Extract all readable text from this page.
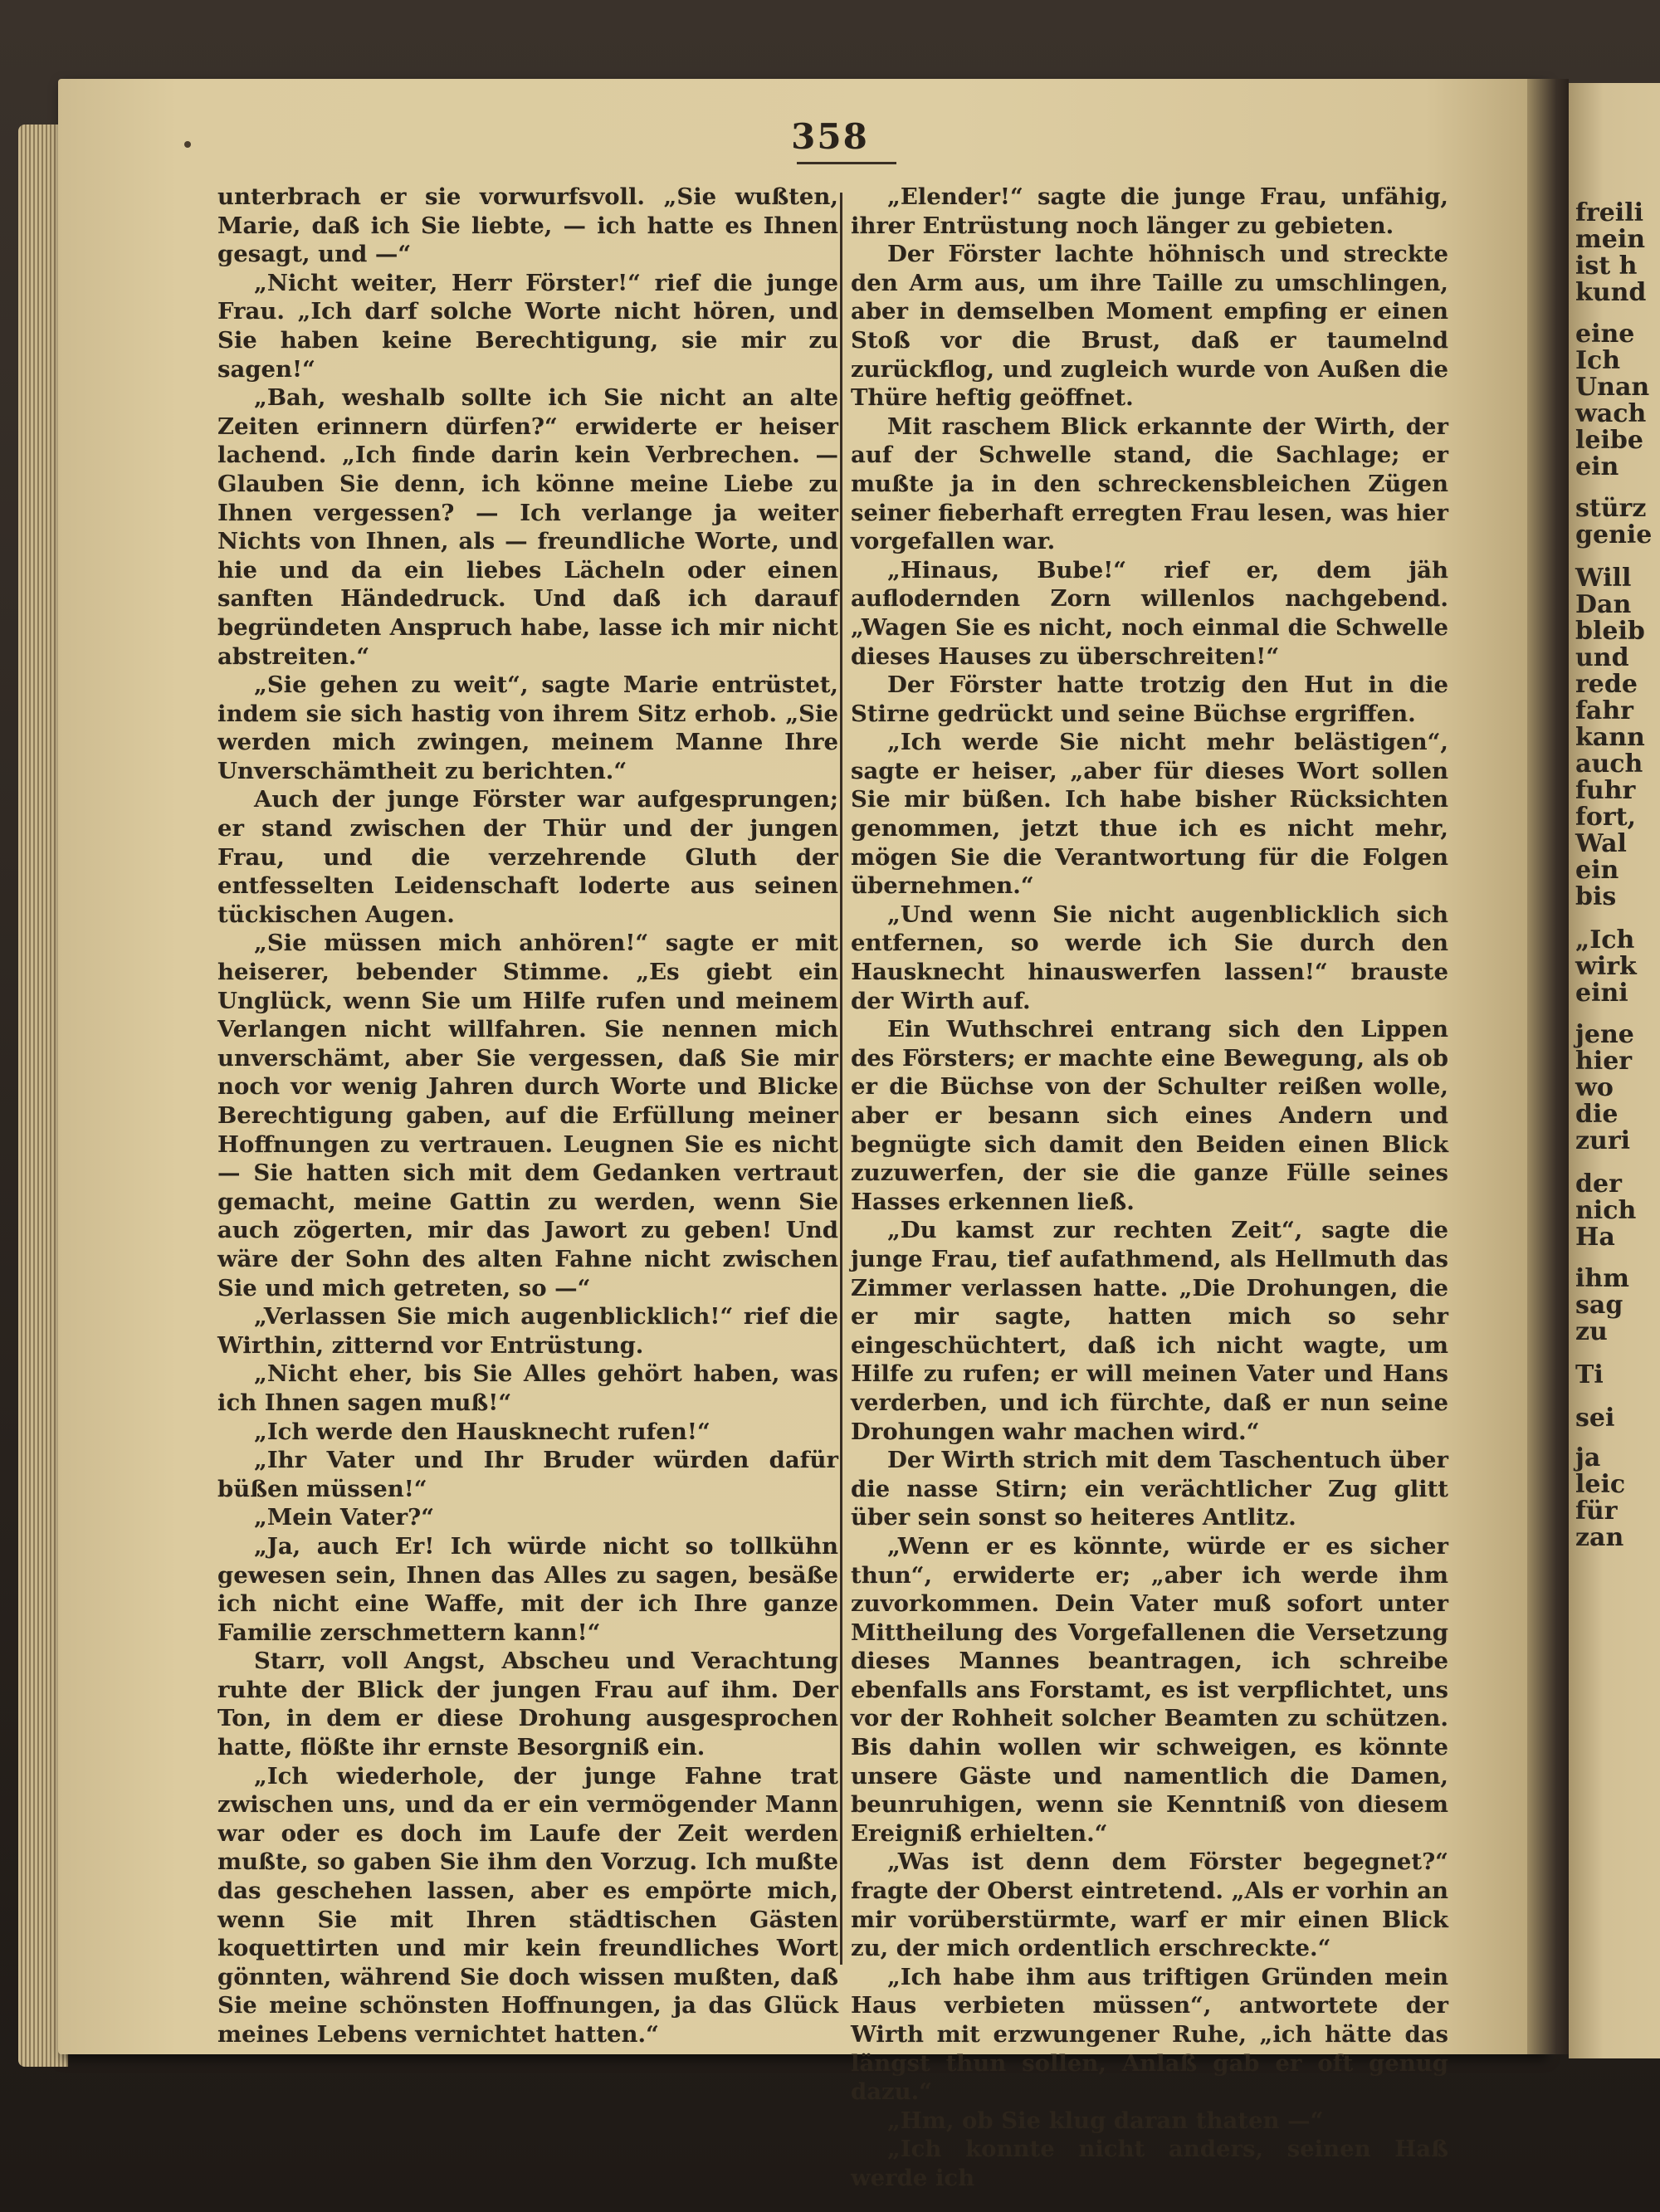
freili
mein
ist h
kund
eine
Ich
Unan
wach
leibe
ein
stürz
genie
Will
Dan
bleib
und
rede
fahr
kann
auch
fuhr
fort,
Wal
ein
bis
„Ich
wirk
eini
jene
hier
wo
die
zuri
der
nich
Ha
ihm
sag
zu
Ti
sei
ja
leic
für
zan
358

unterbrach er sie vorwurfsvoll. „Sie wußten, Marie, daß ich Sie liebte, — ich hatte es Ihnen gesagt, und —“

„Nicht weiter, Herr Förster!“ rief die junge Frau. „Ich darf solche Worte nicht hören, und Sie haben keine Berechtigung, sie mir zu sagen!“

„Bah, weshalb sollte ich Sie nicht an alte Zeiten erinnern dürfen?“ erwiderte er heiser lachend. „Ich finde darin kein Verbrechen. — Glauben Sie denn, ich könne meine Liebe zu Ihnen vergessen? — Ich verlange ja weiter Nichts von Ihnen, als — freundliche Worte, und hie und da ein liebes Lächeln oder einen sanften Händedruck. Und daß ich darauf begründeten Anspruch habe, lasse ich mir nicht abstreiten.“

„Sie gehen zu weit“, sagte Marie entrüstet, indem sie sich hastig von ihrem Sitz erhob. „Sie werden mich zwingen, meinem Manne Ihre Unverschämtheit zu berichten.“

Auch der junge Förster war aufgesprungen; er stand zwischen der Thür und der jungen Frau, und die verzehrende Gluth der entfesselten Leidenschaft loderte aus seinen tückischen Augen.

„Sie müssen mich anhören!“ sagte er mit heiserer, bebender Stimme. „Es giebt ein Unglück, wenn Sie um Hilfe rufen und meinem Verlangen nicht willfahren. Sie nennen mich unverschämt, aber Sie vergessen, daß Sie mir noch vor wenig Jahren durch Worte und Blicke Berechtigung gaben, auf die Erfüllung meiner Hoffnungen zu vertrauen. Leugnen Sie es nicht — Sie hatten sich mit dem Gedanken vertraut gemacht, meine Gattin zu werden, wenn Sie auch zögerten, mir das Jawort zu geben! Und wäre der Sohn des alten Fahne nicht zwischen Sie und mich getreten, so —“

„Verlassen Sie mich augenblicklich!“ rief die Wirthin, zitternd vor Entrüstung.

„Nicht eher, bis Sie Alles gehört haben, was ich Ihnen sagen muß!“

„Ich werde den Hausknecht rufen!“

„Ihr Vater und Ihr Bruder würden dafür büßen müssen!“

„Mein Vater?“

„Ja, auch Er! Ich würde nicht so tollkühn gewesen sein, Ihnen das Alles zu sagen, besäße ich nicht eine Waffe, mit der ich Ihre ganze Familie zerschmettern kann!“

Starr, voll Angst, Abscheu und Verachtung ruhte der Blick der jungen Frau auf ihm. Der Ton, in dem er diese Drohung ausgesprochen hatte, flößte ihr ernste Besorgniß ein.

„Ich wiederhole, der junge Fahne trat zwischen uns, und da er ein vermögender Mann war oder es doch im Laufe der Zeit werden mußte, so gaben Sie ihm den Vorzug. Ich mußte das geschehen lassen, aber es empörte mich, wenn Sie mit Ihren städtischen Gästen koquettirten und mir kein freundliches Wort gönnten, während Sie doch wissen mußten, daß Sie meine schönsten Hoffnungen, ja das Glück meines Lebens vernichtet hatten.“

„Elender!“ sagte die junge Frau, unfähig, ihrer Entrüstung noch länger zu gebieten.

Der Förster lachte höhnisch und streckte den Arm aus, um ihre Taille zu umschlingen, aber in demselben Moment empfing er einen Stoß vor die Brust, daß er taumelnd zurückflog, und zugleich wurde von Außen die Thüre heftig geöffnet.

Mit raschem Blick erkannte der Wirth, der auf der Schwelle stand, die Sachlage; er mußte ja in den schreckensbleichen Zügen seiner fieberhaft erregten Frau lesen, was hier vorgefallen war.

„Hinaus, Bube!“ rief er, dem jäh auflodernden Zorn willenlos nachgebend. „Wagen Sie es nicht, noch einmal die Schwelle dieses Hauses zu überschreiten!“

Der Förster hatte trotzig den Hut in die Stirne gedrückt und seine Büchse ergriffen.

„Ich werde Sie nicht mehr belästigen“, sagte er heiser, „aber für dieses Wort sollen Sie mir büßen. Ich habe bisher Rücksichten genommen, jetzt thue ich es nicht mehr, mögen Sie die Verantwortung für die Folgen übernehmen.“

„Und wenn Sie nicht augenblicklich sich entfernen, so werde ich Sie durch den Hausknecht hinauswerfen lassen!“ brauste der Wirth auf.

Ein Wuthschrei entrang sich den Lippen des Försters; er machte eine Bewegung, als ob er die Büchse von der Schulter reißen wolle, aber er besann sich eines Andern und begnügte sich damit den Beiden einen Blick zuzuwerfen, der sie die ganze Fülle seines Hasses erkennen ließ.

„Du kamst zur rechten Zeit“, sagte die junge Frau, tief aufathmend, als Hellmuth das Zimmer verlassen hatte. „Die Drohungen, die er mir sagte, hatten mich so sehr eingeschüchtert, daß ich nicht wagte, um Hilfe zu rufen; er will meinen Vater und Hans verderben, und ich fürchte, daß er nun seine Drohungen wahr machen wird.“

Der Wirth strich mit dem Taschentuch über die nasse Stirn; ein verächtlicher Zug glitt über sein sonst so heiteres Antlitz.

„Wenn er es könnte, würde er es sicher thun“, erwiderte er; „aber ich werde ihm zuvorkommen. Dein Vater muß sofort unter Mittheilung des Vorgefallenen die Versetzung dieses Mannes beantragen, ich schreibe ebenfalls ans Forstamt, es ist verpflichtet, uns vor der Rohheit solcher Beamten zu schützen. Bis dahin wollen wir schweigen, es könnte unsere Gäste und namentlich die Damen, beunruhigen, wenn sie Kenntniß von diesem Ereigniß erhielten.“

„Was ist denn dem Förster begegnet?“ fragte der Oberst eintretend. „Als er vorhin an mir vorüberstürmte, warf er mir einen Blick zu, der mich ordentlich erschreckte.“

„Ich habe ihm aus triftigen Gründen mein Haus verbieten müssen“, antwortete der Wirth mit erzwungener Ruhe, „ich hätte das längst thun sollen, Anlaß gab er oft genug dazu.“

„Hm, ob Sie klug daran thaten —“

„Ich konnte nicht anders, seinen Haß werde ich
